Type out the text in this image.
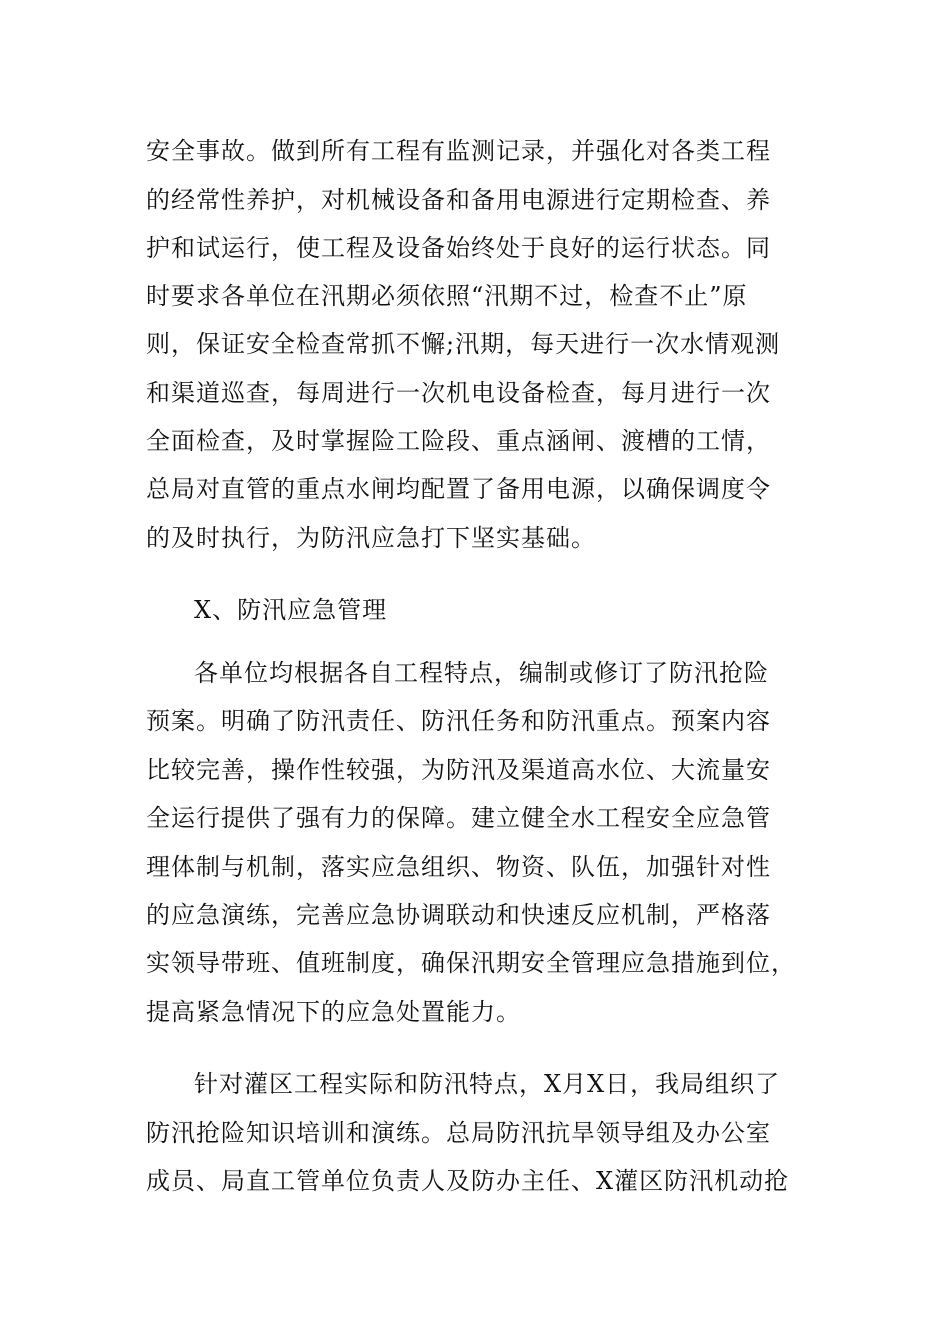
安全事故。做到所有工程有监测记录，并强化对各类工程
的经常性养护，对机械设备和备用电源进行定期检查、养
护和试运行，使工程及设备始终处于良好的运行状态。同
时要求各单位在汛期必须依照“汛期不过，检查不止”原
则，保证安全检查常抓不懈;汛期，每天进行一次水情观测
和渠道巡查，每周进行一次机电设备检查，每月进行一次
全面检查，及时掌握险工险段、重点涵闸、渡槽的工情，
总局对直管的重点水闸均配置了备用电源，以确保调度令
的及时执行，为防汛应急打下坚实基础。
X、防汛应急管理
各单位均根据各自工程特点，编制或修订了防汛抢险
预案。明确了防汛责任、防汛任务和防汛重点。预案内容
比较完善，操作性较强，为防汛及渠道高水位、大流量安
全运行提供了强有力的保障。建立健全水工程安全应急管
理体制与机制，落实应急组织、物资、队伍，加强针对性
的应急演练，完善应急协调联动和快速反应机制，严格落
实领导带班、值班制度，确保汛期安全管理应急措施到位，
提高紧急情况下的应急处置能力。
针对灌区工程实际和防汛特点，X月X日，我局组织了
防汛抢险知识培训和演练。总局防汛抗旱领导组及办公室
成员、局直工管单位负责人及防办主任、X灌区防汛机动抢
